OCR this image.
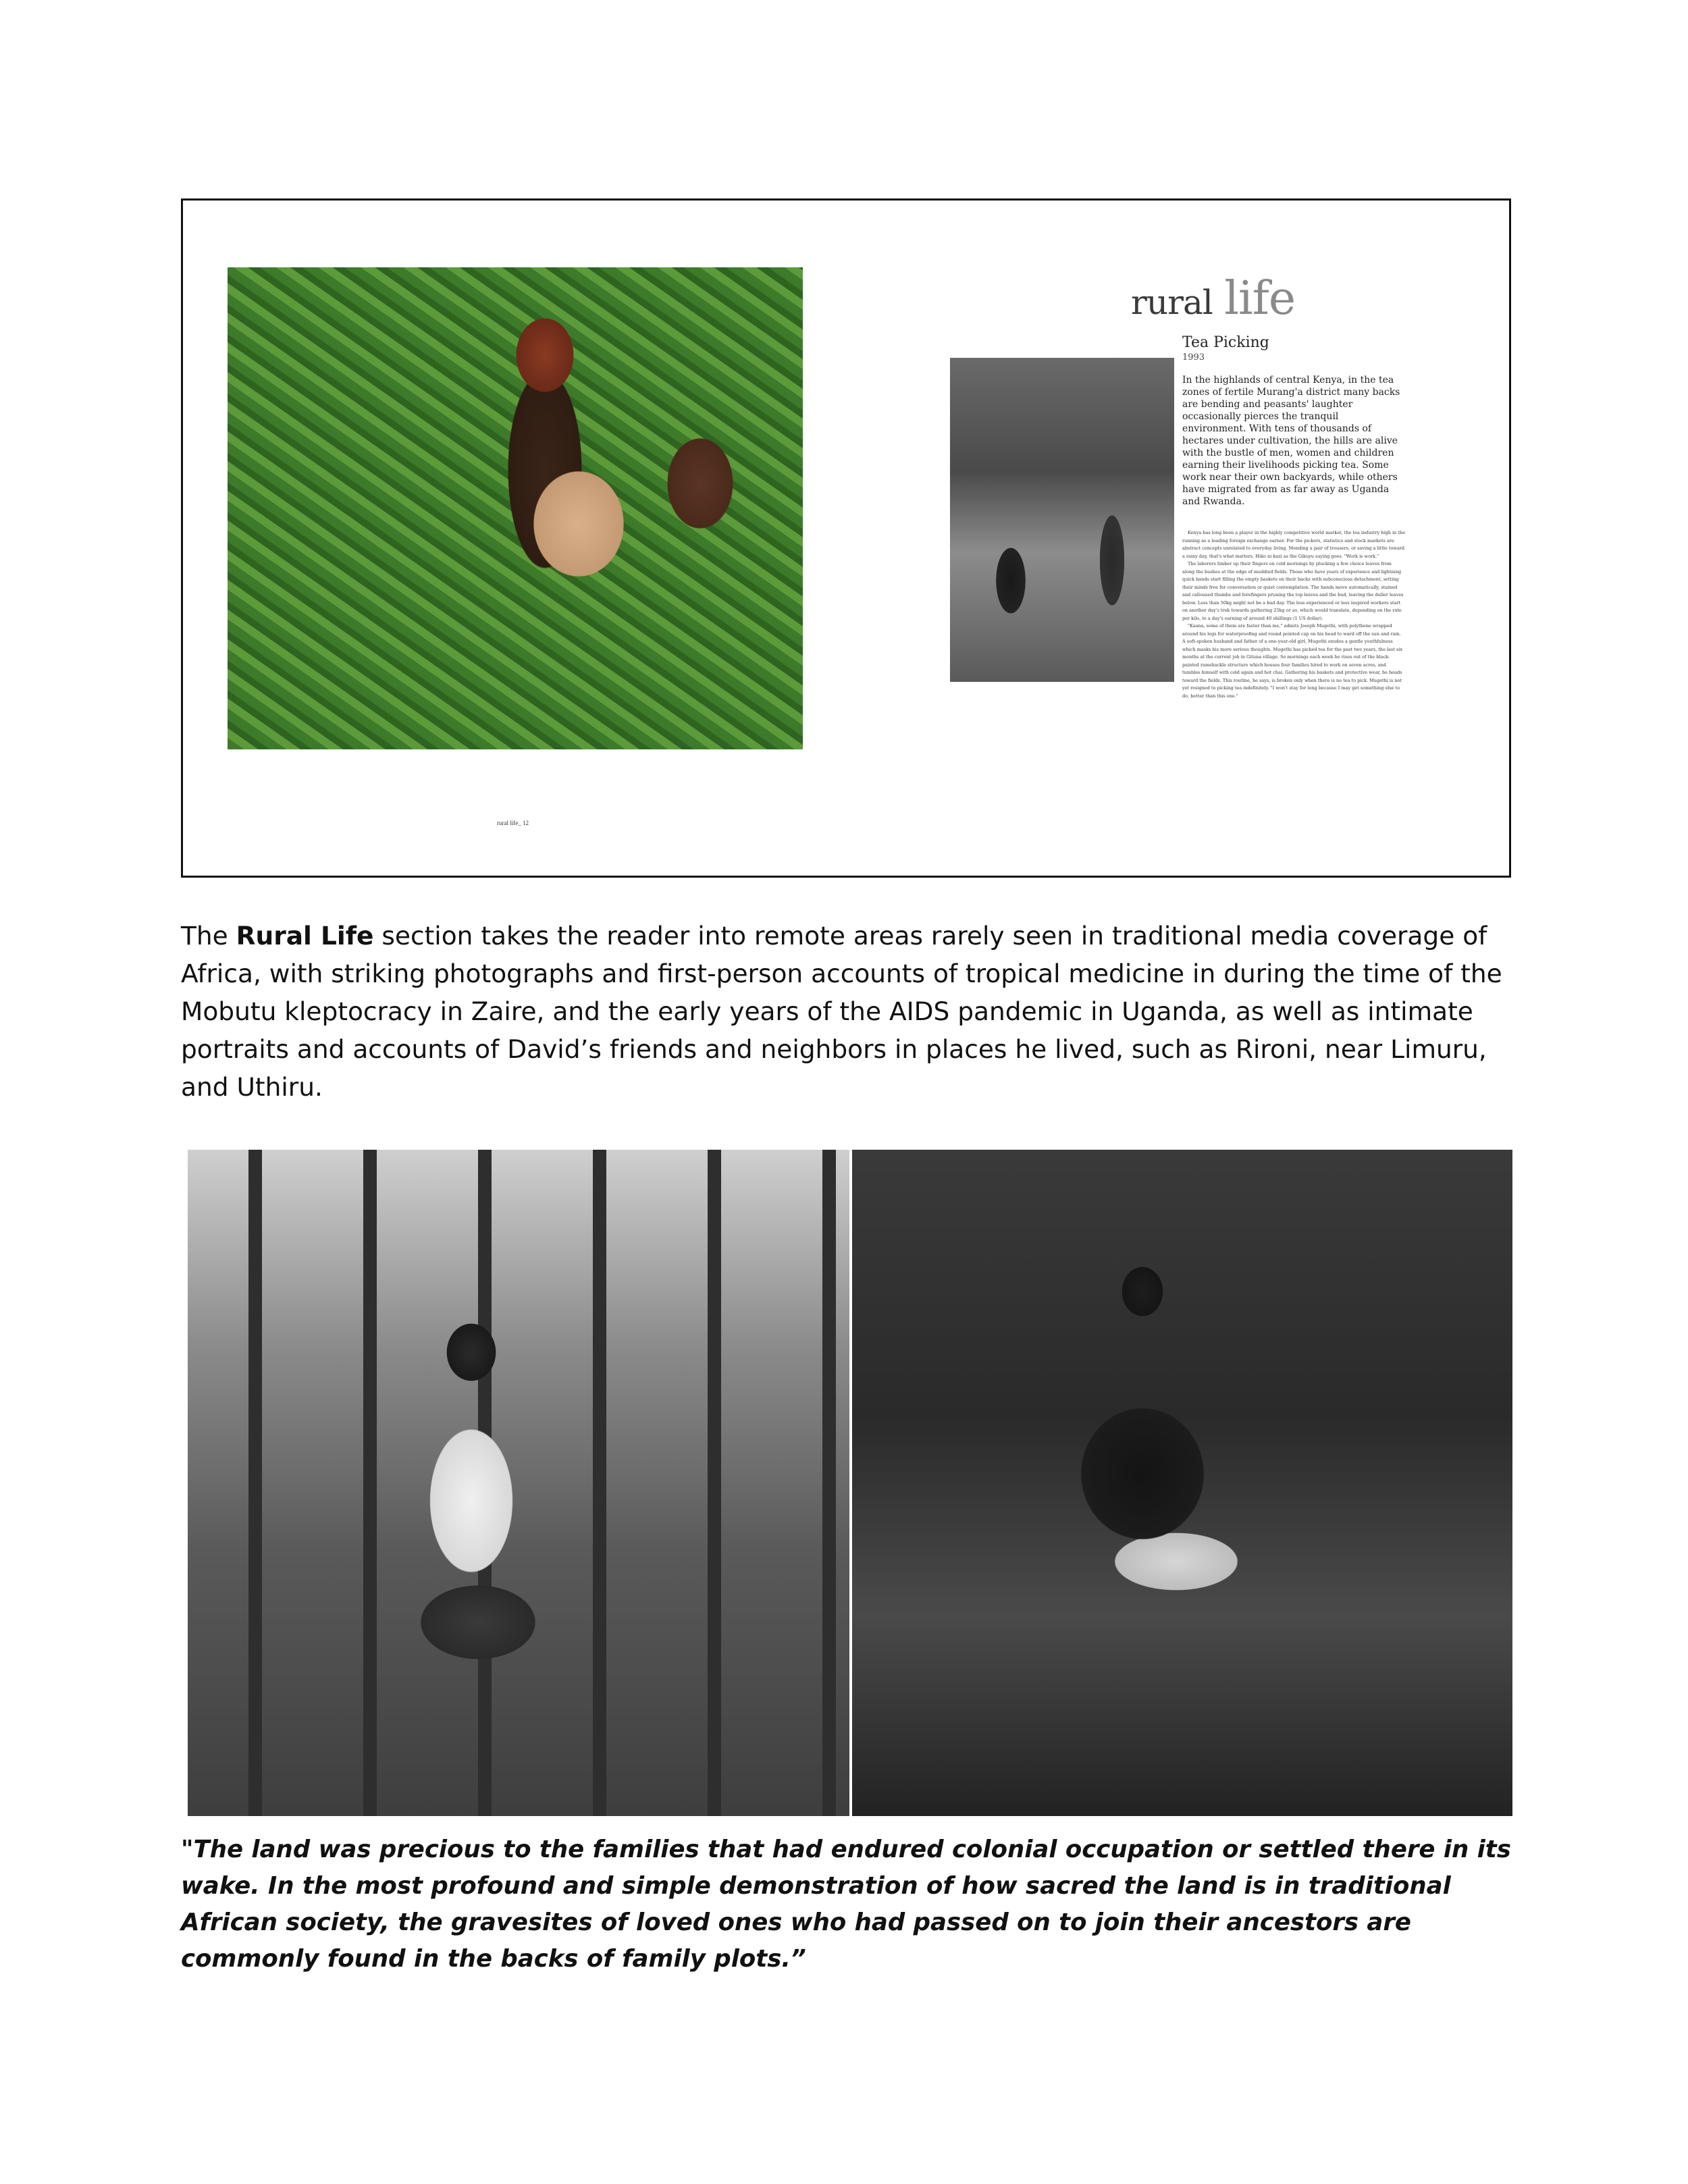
rural life_ 12
rural life
Tea Picking
1993
In the highlands of central Kenya, in the tea zones of fertile Murang'a district many backs are bending and peasants' laughter occasionally pierces the tranquil environment. With tens of thousands of hectares under cultivation, the hills are alive with the bustle of men, women and children earning their livelihoods picking tea. Some work near their own backyards, while others have migrated from as far away as Uganda and Rwanda.

Kenya has long been a player in the highly competitive world market, the tea industry high in the running as a leading foreign exchange earner. For the pickers, statistics and stock markets are abstract concepts unrelated to everyday living. Mending a pair of trousers, or saving a little toward a rainy day, that's what matters. Hiko ni kazi as the Gikuyu saying goes. "Work is work."

The laborers limber up their fingers on cold mornings by plucking a few choice leaves from along the bushes at the edge of muddied fields. Those who have years of experience and lightning quick hands start filling the empty baskets on their backs with subconscious detachment, setting their minds free for conversation or quiet contemplation. The hands move automatically, stained and calloused thumbs and forefingers pruning the top leaves and the bud, leaving the duller leaves below. Less than 50kg might not be a bad day. The less experienced or less inspired workers start on another day's trek towards gathering 25kg or so, which would translate, depending on the rate per kilo, to a day's earning of around 40 shillings (1 US dollar).

"Kaana, some of them are faster than me," admits Joseph Mugethi, with polythene wrapped around his legs for waterproofing and round pointed cap on his head to ward off the sun and rain. A soft-spoken husband and father of a one-year-old girl, Mugethi exudes a gentle youthfulness which masks his more serious thoughts. Mugethi has picked tea for the past two years, the last six months at the current job in Gituna village. So mornings each week he rises out of the black-painted ramshackle structure which houses four families hired to work on seven acres, and tumbles himself with cold again and hot chai. Gathering his baskets and protective wear, he heads toward the fields. This routine, he says, is broken only when there is no tea to pick. Mugethi is not yet resigned to picking tea indefinitely. "I won't stay for long because I may get something else to do, better than this one."

The Rural Life section takes the reader into remote areas rarely seen in traditional media coverage of Africa, with striking photographs and first-person accounts of tropical medicine in during the time of the Mobutu kleptocracy in Zaire, and the early years of the AIDS pandemic in Uganda, as well as intimate portraits and accounts of David’s friends and neighbors in places he lived, such as Rironi, near Limuru, and Uthiru.
"The land was precious to the families that had endured colonial occupation or settled there in its wake. In the most profound and simple demonstration of how sacred the land is in traditional African society, the gravesites of loved ones who had passed on to join their ancestors are commonly found in the backs of family plots.”
